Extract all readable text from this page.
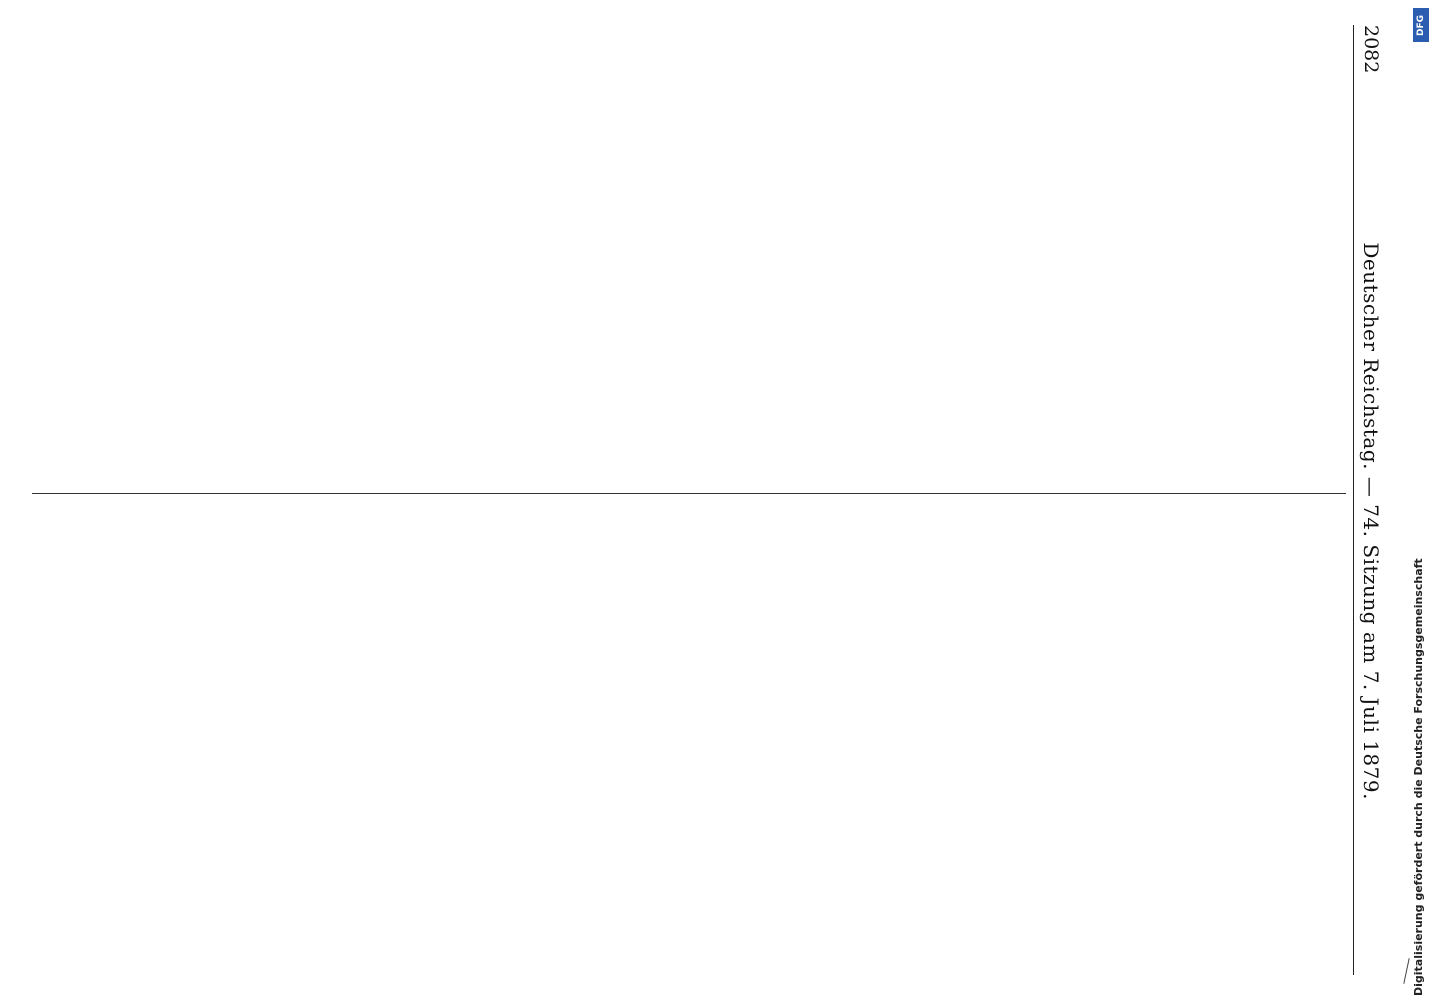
2082
Deutscher Reichstag. — 74. Sitzung am 7. Juli 1879.
DFG
Digitalisierung gefördert durch die Deutsche Forschungsgemeinschaft
